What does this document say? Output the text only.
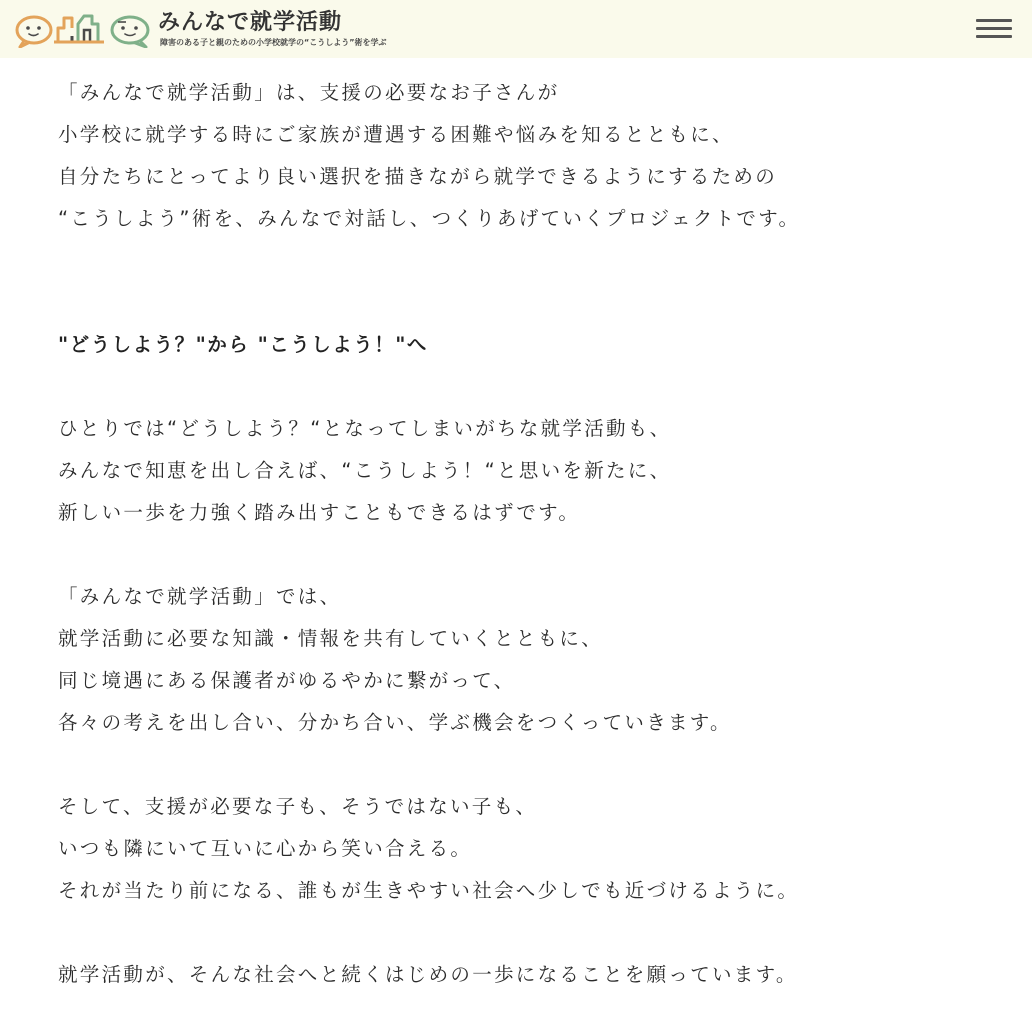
みんなで就学活動
障害のある子と親のための小学校就学の“こうしよう”術を学ぶ
「みんなで就学活動」は、支援の必要なお子さんが
小学校に就学する時にご家族が遭遇する困難や悩みを知るとともに、
自分たちにとってより良い選択を描きながら就学できるようにするための
“こうしよう”術を、みんなで対話し、つくりあげていくプロジェクトです。
"どうしよう？"から "こうしよう！"へ
ひとりでは“どうしよう？“となってしまいがちな就学活動も、
みんなで知恵を出し合えば、“こうしよう！“と思いを新たに、
新しい一歩を力強く踏み出すこともできるはずです。
「みんなで就学活動」では、
就学活動に必要な知識・情報を共有していくとともに、
同じ境遇にある保護者がゆるやかに繋がって、
各々の考えを出し合い、分かち合い、学ぶ機会をつくっていきます。
そして、支援が必要な子も、そうではない子も、
いつも隣にいて互いに心から笑い合える。
それが当たり前になる、誰もが生きやすい社会へ少しでも近づけるように。
就学活動が、そんな社会へと続くはじめの一歩になることを願っています。
